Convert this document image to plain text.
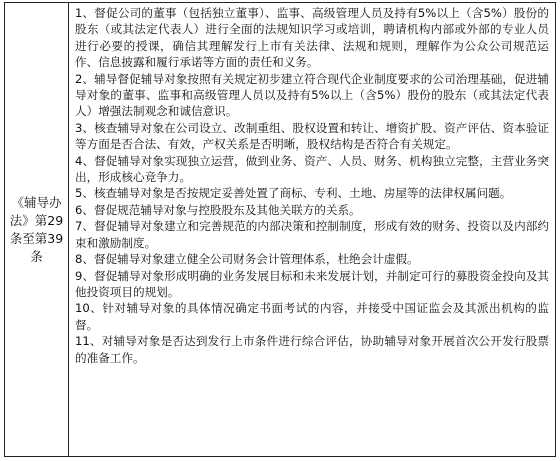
《辅导办法》第29条至第39条

1、督促公司的董事（包括独立董事）、监事、高级管理人员及持有5%以上（含5%）股份的股东（或其法定代表人）进行全面的法规知识学习或培训，聘请机构内部或外部的专业人员进行必要的授课，确信其理解发行上市有关法律、法规和规则，理解作为公众公司规范运作、信息披露和履行承诺等方面的责任和义务。

2、辅导督促辅导对象按照有关规定初步建立符合现代企业制度要求的公司治理基础，促进辅导对象的董事、监事和高级管理人员以及持有5%以上（含5%）股份的股东（或其法定代表人）增强法制观念和诚信意识。

3、核查辅导对象在公司设立、改制重组、股权设置和转让、增资扩股、资产评估、资本验证等方面是否合法、有效，产权关系是否明晰，股权结构是否符合有关规定。

4、督促辅导对象实现独立运营，做到业务、资产、人员、财务、机构独立完整，主营业务突出，形成核心竞争力。

5、核查辅导对象是否按规定妥善处置了商标、专利、土地、房屋等的法律权属问题。

6、督促规范辅导对象与控股股东及其他关联方的关系。

7、督促辅导对象建立和完善规范的内部决策和控制制度，形成有效的财务、投资以及内部约束和激励制度。

8、督促辅导对象建立健全公司财务会计管理体系，杜绝会计虚假。

9、督促辅导对象形成明确的业务发展目标和未来发展计划，并制定可行的募股资金投向及其他投资项目的规划。

10、针对辅导对象的具体情况确定书面考试的内容，并接受中国证监会及其派出机构的监督。

11、对辅导对象是否达到发行上市条件进行综合评估，协助辅导对象开展首次公开发行股票的准备工作。
